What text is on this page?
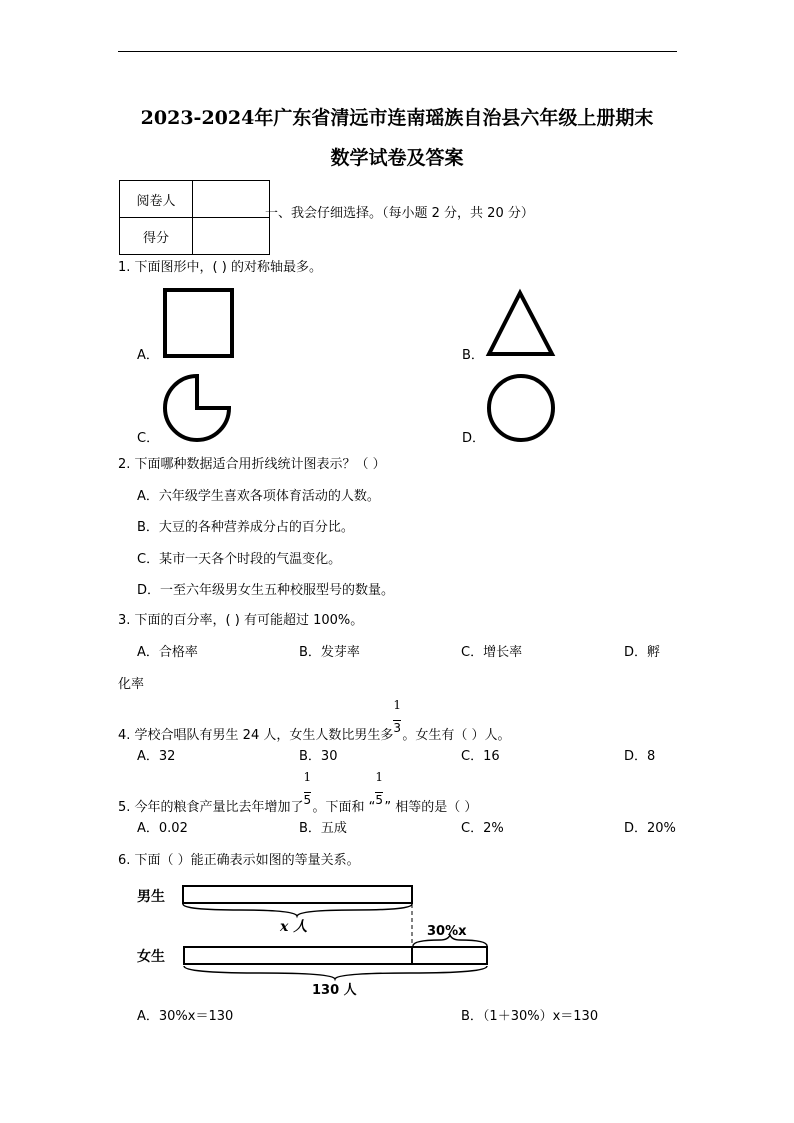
2023-2024年广东省清远市连南瑶族自治县六年级上册期末
数学试卷及答案
阅卷人	
得分	
一、我会仔细选择。（每小题 2 分，共 20 分）
1. 下面图形中，( ) 的对称轴最多。
A．	B．
C．	D．
2. 下面哪种数据适合用折线统计图表示？（ ）
A．六年级学生喜欢各项体育活动的人数。
B．大豆的各种营养成分占的百分比。
C．某市一天各个时段的气温变化。
D．一至六年级男女生五种校服型号的数量。
3. 下面的百分率，( ) 有可能超过 100%。
A．合格率	B．发芽率	C．增长率	D．孵
化率
4. 学校合唱队有男生 24 人，女生人数比男生多 $\frac{1}{3}$ 。女生有（ ）人。
A．32	B．30	C．16	D．8
5. 今年的粮食产量比去年增加了 $\frac{1}{5}$ 。下面和 “ $\frac{1}{5}$ ” 相等的是（ ）
A．0.02	B．五成	C．2%	D．20%
6. 下面（ ）能正确表示如图的等量关系。
男生
x 人	30%x
女生
130 人
A．30%x＝130	B．（1＋30%）x＝130
